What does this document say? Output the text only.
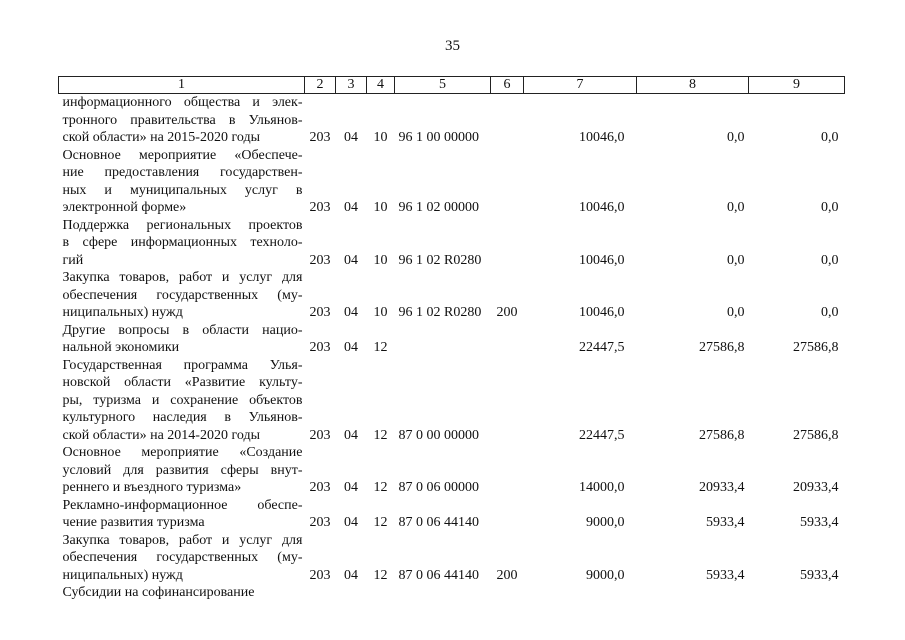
35
1	2	3	4	5	6	7	8	9

информационного общества и элек-
тронного правительства в Ульянов-
ской области» на 2015-2020 годы	203	04	10	96 1 00 00000		10046,0	0,0	0,0

Основное мероприятие «Обеспече-
ние предоставления государствен-
ных и муниципальных услуг в
электронной форме»	203	04	10	96 1 02 00000		10046,0	0,0	0,0

Поддержка региональных проектов
в сфере информационных техноло-
гий	203	04	10	96 1 02 R0280		10046,0	0,0	0,0

Закупка товаров, работ и услуг для
обеспечения государственных (му-
ниципальных) нужд	203	04	10	96 1 02 R0280	200	10046,0	0,0	0,0

Другие вопросы в области нацио-
нальной экономики	203	04	12			22447,5	27586,8	27586,8

Государственная программа Улья-
новской области «Развитие культу-
ры, туризма и сохранение объектов
культурного наследия в Ульянов-
ской области» на 2014-2020 годы	203	04	12	87 0 00 00000		22447,5	27586,8	27586,8

Основное мероприятие «Создание
условий для развития сферы внут-
реннего и въездного туризма»	203	04	12	87 0 06 00000		14000,0	20933,4	20933,4

Рекламно-информационное обеспе-
чение развития туризма	203	04	12	87 0 06 44140		9000,0	5933,4	5933,4

Закупка товаров, работ и услуг для
обеспечения государственных (му-
ниципальных) нужд	203	04	12	87 0 06 44140	200	9000,0	5933,4	5933,4

Субсидии на софинансирование								
